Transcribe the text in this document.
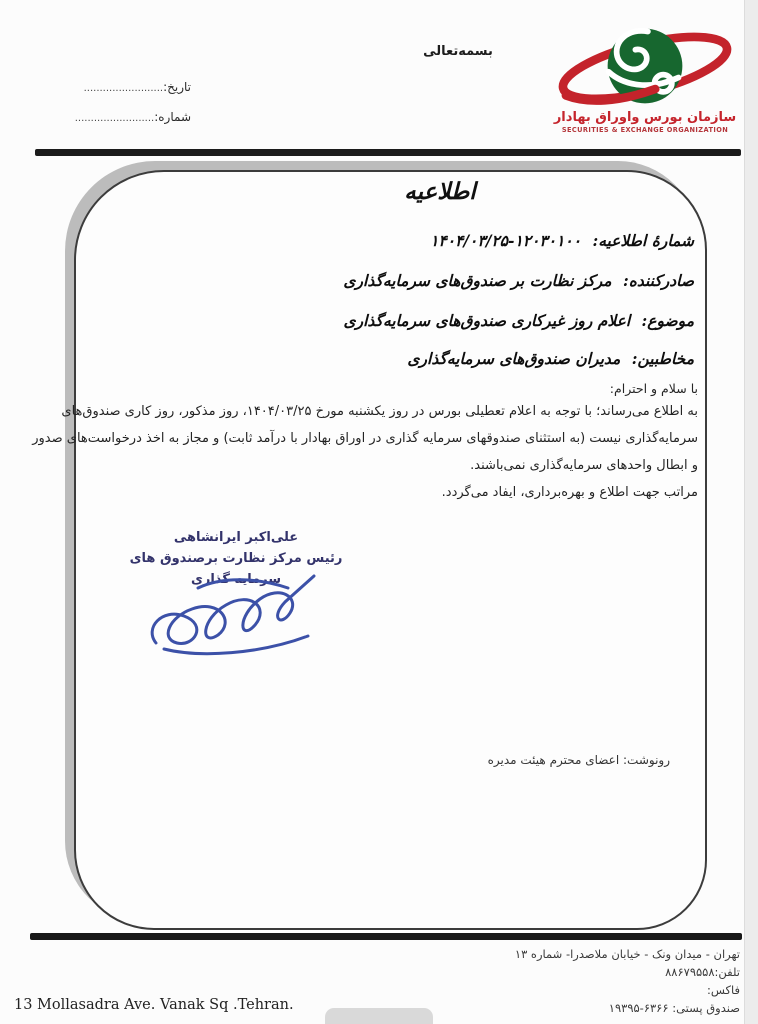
بسمه‌تعالی
تاریخ:.........................
شماره:.........................	سازمان بورس واوراق بهادار
SECURITIES & EXCHANGE ORGANIZATION
اطلاعیه
شمارۀ اطلاعیه: ۱۲۰۳۰۱۰۰-۱۴۰۴/۰۳/۲۵
صادرکننده: مرکز نظارت بر صندوق‌های سرمایه‌گذاری
موضوع: اعلام روز غیرکاری صندوق‌های سرمایه‌گذاری
مخاطبین: مدیران صندوق‌های سرمایه‌گذاری
با سلام و احترام:
به اطلاع می‌رساند؛ با توجه به اعلام تعطیلی بورس در روز یکشنبه مورخ ۱۴۰۴/۰۳/۲۵، روز مذکور، روز کاری صندوق‌های
سرمایه‌گذاری نیست (به استثنای صندوقهای سرمایه گذاری در اوراق بهادار با درآمد ثابت) و مجاز به اخذ درخواست‌های صدور
و ابطال واحدهای سرمایه‌گذاری نمی‌باشند.
مراتب جهت اطلاع و بهره‌برداری، ایفاد می‌گردد.
علی‌اکبر ایرانشاهی
رئیس مرکز نظارت برصندوق های
سرمایه گذاری
رونوشت: اعضای محترم هیئت مدیره
تهران - میدان ونک - خیابان ملاصدرا- شماره ۱۳
تلفن:۸۸۶۷۹۵۵۸
فاکس:
صندوق پستی: ۱۹۳۹۵-۶۳۶۶
13 Mollasadra Ave. Vanak Sq .Tehran.
